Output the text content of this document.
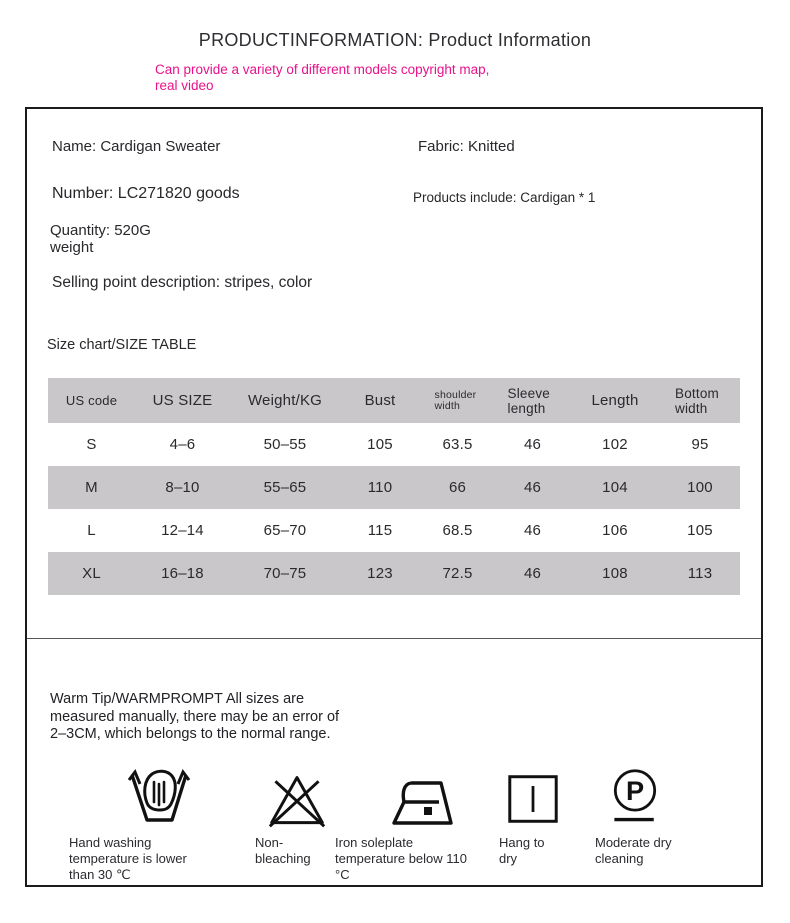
PRODUCTINFORMATION: Product Information
Can provide a variety of different models copyright map,
real video
Name: Cardigan Sweater	Fabric: Knitted
Number: LC271820 goods	Products include: Cardigan * 1
Quantity: 520G
weight
Selling point description: stripes, color
Size chart/SIZE TABLE
US code	US SIZE	Weight/KG	Bust	shoulder width	Sleeve length	Length	Bottom width
S	4–6	50–55	105	63.5	46	102	95
M	8–10	55–65	110	66	46	104	100
L	12–14	65–70	115	68.5	46	106	105
XL	16–18	70–75	123	72.5	46	108	113
Warm Tip/WARMPROMPT All sizes are
measured manually, there may be an error of
2–3CM, which belongs to the normal range.
P
Hand washing
temperature is lower
than 30 ℃
Non-
bleaching
Iron soleplate
temperature below 110
°C
Hang to
dry
Moderate dry
cleaning
